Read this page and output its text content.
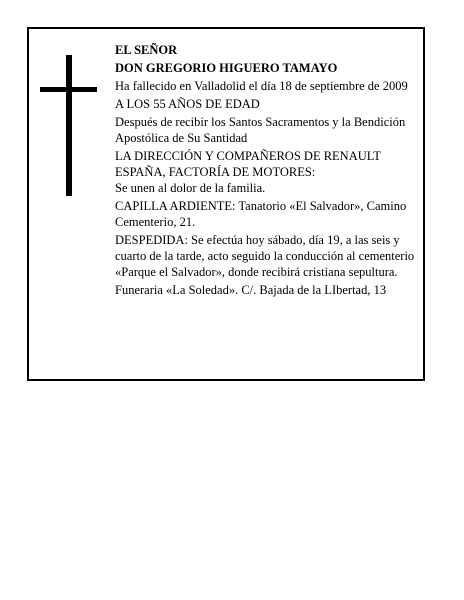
EL SEÑOR

DON GREGORIO HIGUERO TAMAYO

Ha fallecido en Valladolid el día 18 de septiembre de 2009

A LOS 55 AÑOS DE EDAD

Después de recibir los Santos Sacramentos y la Bendición Apostólica de Su Santidad

LA DIRECCIÓN Y COMPAÑEROS DE RENAULT ESPAÑA, FACTORÍA DE MOTORES:

Se unen al dolor de la familia.

CAPILLA ARDIENTE: Tanatorio «El Salvador», Camino Cementerio, 21.

DESPEDIDA: Se efectúa hoy sábado, día 19, a las seis y cuarto de la tarde, acto seguido la conducción al cementerio «Parque el Salvador», donde recibirá cristiana sepultura.

Funeraria «La Soledad». C/. Bajada de la LIbertad, 13
